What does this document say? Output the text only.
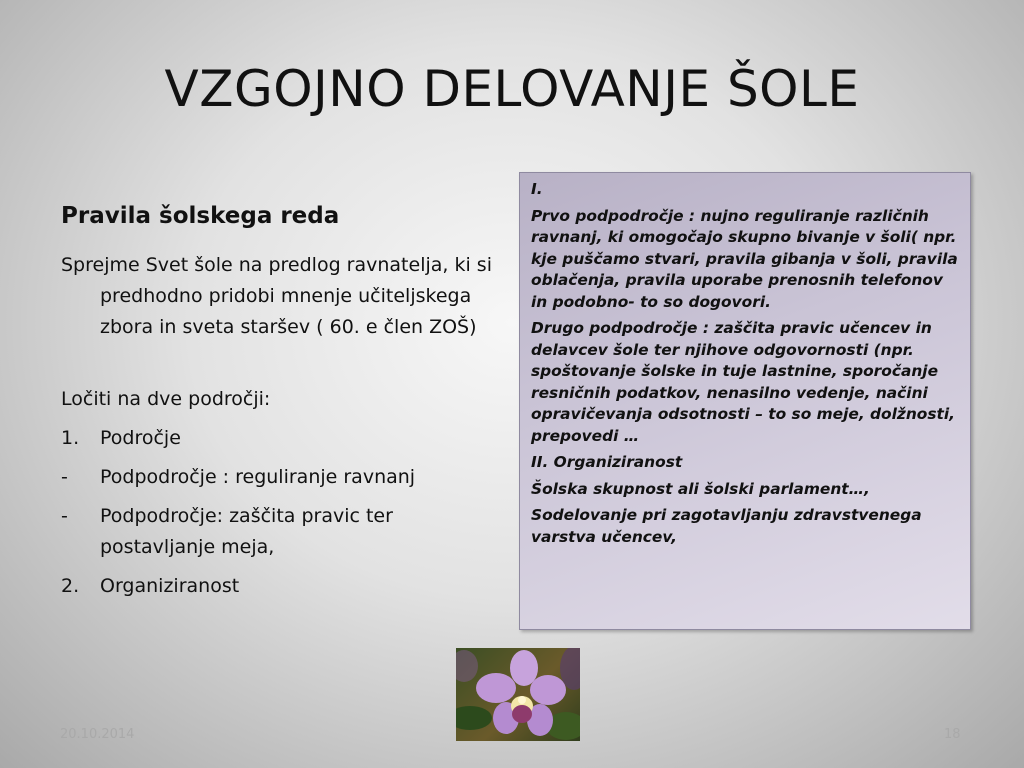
VZGOJNO DELOVANJE ŠOLE
Pravila šolskega reda

Sprejme Svet šole na predlog ravnatelja, ki si predhodno pridobi mnenje učiteljskega zbora in sveta staršev ( 60. e člen ZOŠ)

Ločiti na dve področji:

1.	Področje
-	Podpodročje : reguliranje ravnanj
-	Podpodročje: zaščita pravic ter postavljanje meja,
2.	Organiziranost

I.

Prvo podpodročje : nujno reguliranje različnih ravnanj, ki omogočajo skupno bivanje v šoli( npr. kje puščamo stvari, pravila gibanja v šoli, pravila oblačenja, pravila uporabe prenosnih telefonov in podobno- to so dogovori.

Drugo podpodročje : zaščita pravic učencev in delavcev šole ter njihove odgovornosti (npr. spoštovanje šolske in tuje lastnine, sporočanje resničnih podatkov, nenasilno vedenje, načini opravičevanja odsotnosti – to so meje, dolžnosti, prepovedi …

II. Organiziranost

Šolska skupnost ali šolski parlament…,

Sodelovanje pri zagotavljanju zdravstvenega varstva učencev,

20.10.2014	18
